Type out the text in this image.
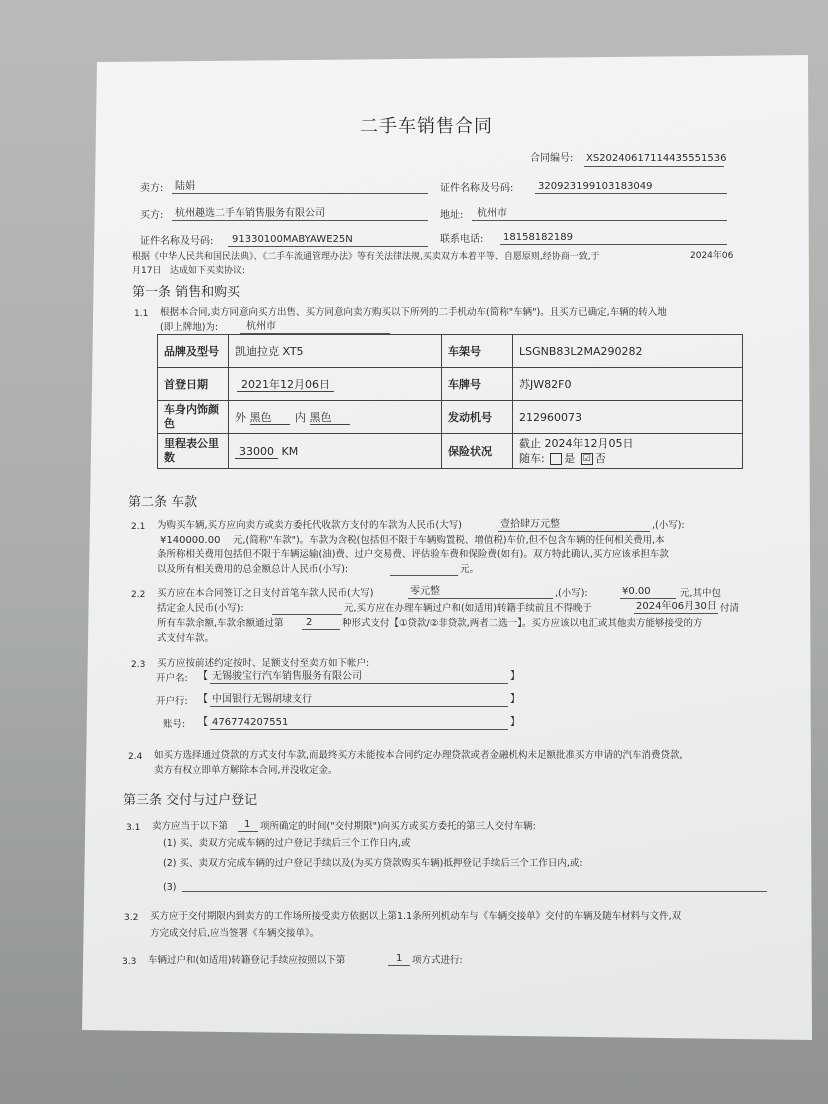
二手车销售合同
合同编号: XS20240617114435551536
卖方: 陆娟	证件名称及号码: 320923199103183049
买方: 杭州趣选二手车销售服务有限公司	地址: 杭州市
证件名称及号码: 91330100MABYAWE25N	联系电话: 18158182189
根据《中华人民共和国民法典》、《二手车流通管理办法》等有关法律法规,买卖双方本着平等、自愿原则,经协商一致,于	2024年06
月17日 达成如下买卖协议:
第一条 销售和购买
1.1 根据本合同,卖方同意向买方出售、买方同意向卖方购买以下所列的二手机动车(简称"车辆")。且买方已确定,车辆的转入地
(即上牌地)为:	杭州市
品牌及型号	凯迪拉克 XT5	车架号	LSGNB83L2MA290282
首登日期	2021年12月06日	车牌号	苏JW82F0
车身内饰颜
色	外 黑色 内 黑色	发动机号	212960073
里程表公里
数	33000 KM	保险状况	截止 2024年12月05日
随车: 是 ☑ 否
第二条 车款
2.1 为购买车辆,买方应向卖方或卖方委托代收款方支付的车款为人民币(大写)	壹拾肆万元整	,(小写):
¥140000.00 元,(简称"车款")。车款为含税(包括但不限于车辆购置税、增值税)车价,但不包含车辆的任何相关费用,本
条所称相关费用包括但不限于车辆运输(油)费、过户交易费、评估验车费和保险费(如有)。双方特此确认,买方应该承担车款
以及所有相关费用的总金额总计人民币(小写):	元。
2.2 买方应在本合同签订之日支付首笔车款人民币(大写)	零元整	,(小写):	¥0.00	元,其中包
括定金人民币(小写):	元,买方应在办理车辆过户和(如适用)转籍手续前且不得晚于	2024年06月30日 付清
所有车款余额,车款余额通过第 2	种形式支付【①贷款/②非贷款,两者二选一】。买方应该以电汇或其他卖方能够接受的方
式支付车款。
2.3 买方应按前述约定按时、足额支付至卖方如下帐户:
开户名: 【 无锡骏宝行汽车销售服务有限公司	】
开户行: 【 中国银行无锡胡埭支行	】
账号: 【 476774207551	】
2.4 如买方选择通过贷款的方式支付车款,而最终买方未能按本合同约定办理贷款或者金融机构未足额批准买方申请的汽车消费贷款,
卖方有权立即单方解除本合同,并没收定金。
第三条 交付与过户登记
3.1 卖方应当于以下第 1 项所确定的时间("交付期限")向买方或买方委托的第三人交付车辆:
(1) 买、卖双方完成车辆的过户登记手续后三个工作日内,或
(2) 买、卖双方完成车辆的过户登记手续以及(为买方贷款购买车辆)抵押登记手续后三个工作日内,或:
(3)
3.2 买方应于交付期限内到卖方的工作场所接受卖方依据以上第1.1条所列机动车与《车辆交接单》交付的车辆及随车材料与文件,双
方完成交付后,应当签署《车辆交接单》。
3.3 车辆过户和(如适用)转籍登记手续应按照以下第	1 项方式进行:
